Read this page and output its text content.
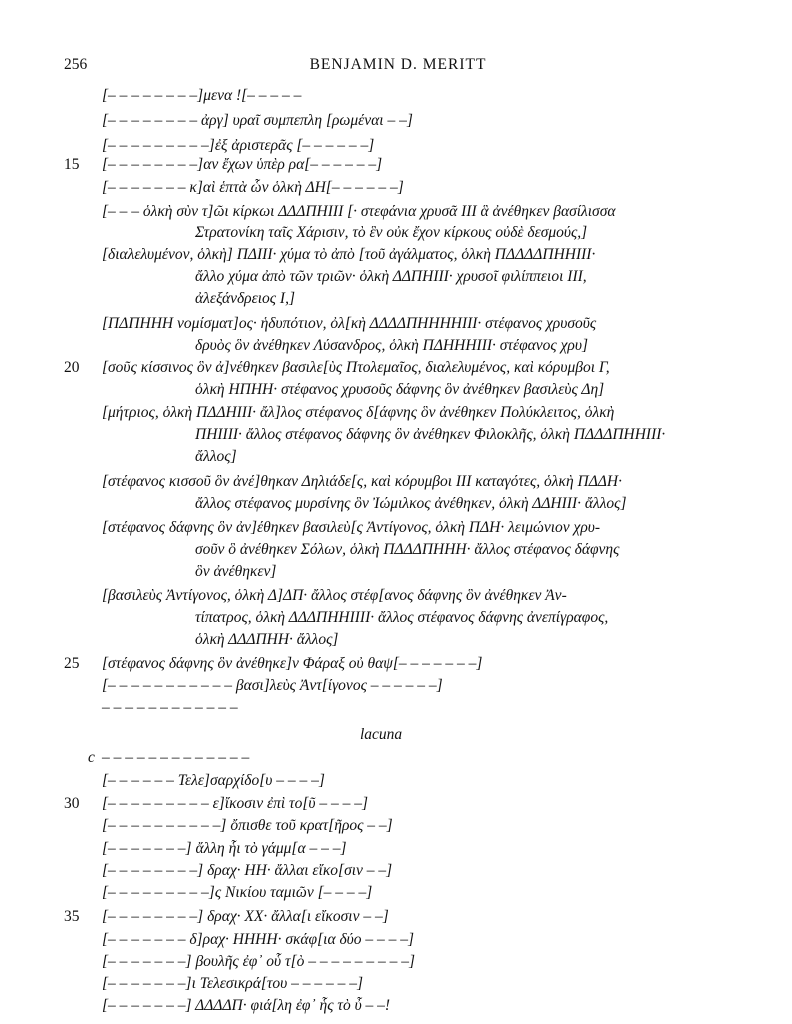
256	BENJAMIN D. MERITT
[– – – – – – – –]μενα ![– – – – –
[– – – – – – – – ἀργ] υραῖ συμπεπλη [ρωμέναι – –]
[– – – – – – – – –]ἐξ ἀριστερᾶς [– – – – – –]
[– – – – – – – –]αν ἔχων ὑπὲρ ρα[– – – – – –]
15
[– – – – – – – κ]αὶ ἑπτὰ ὧν ὁλκὴ ΔΗ[– – – – – –]
[– – – ὁλκὴ σὺν τ]ῶι κίρκωι ΔΔΔΠΗΙΙΙ [· στεφάνια χρυσᾶ ΙΙΙ ἃ ἀνέθηκεν βασίλισσα
Στρατονίκη ταῖς Χάρισιν, τὸ ἓν οὐκ ἔχον κίρκους οὐδὲ δεσμούς,]
[διαλελυμένον, ὁλκὴ] ΠΔΙΙΙ· χύμα τὸ ἀπὸ [τοῦ ἀγάλματος, ὁλκὴ ΠΔΔΔΔΠΗΗΙΙΙ·
ἄλλο χύμα ἀπὸ τῶν τριῶν· ὁλκὴ ΔΔΠΗΙΙΙ· χρυσοῖ φιλίππειοι ΙΙΙ,
ἀλεξάνδρειος Ι,]
[ΠΔΠΗΗΗ νομίσματ]ος· ἡδυπότιον, ὀλ[κὴ ΔΔΔΔΠΗΗΗΗΙΙΙ· στέφανος χρυσοῦς
δρυὸς ὃν ἀνέθηκεν Λύσανδρος, ὁλκὴ ΠΔΗΗΗΙΙΙ· στέφανος χρυ]
[σοῦς κίσσινος ὃν ἀ]νέθηκεν βασιλε[ὺς Πτολεμαῖος, διαλελυμένος, καὶ κόρυμβοι Γ,
20
ὁλκὴ ΗΠΗΗ· στέφανος χρυσοῦς δάφνης ὃν ἀνέθηκεν βασιλεὺς Δη]
[μήτριος, ὁλκὴ ΠΔΔΗΙΙΙ· ἄλ]λος στέφανος δ[άφνης ὃν ἀνέθηκεν Πολύκλειτος, ὁλκὴ
ΠΗΙΙΙΙ· ἄλλος στέφανος δάφνης ὃν ἀνέθηκεν Φιλοκλῆς, ὁλκὴ ΠΔΔΔΠΗΗΙΙΙ·
ἄλλος]
[στέφανος κισσοῦ ὃν ἀνέ]θηκαν Δηλιάδε[ς, καὶ κόρυμβοι ΙΙΙ καταγότες, ὁλκὴ ΠΔΔΗ·
ἄλλος στέφανος μυρσίνης ὃν Ἰώμιλκος ἀνέθηκεν, ὁλκὴ ΔΔΗΙΙΙ· ἄλλος]
[στέφανος δάφνης ὃν ἀν]έθηκεν βασιλεὺ[ς Ἀντίγονος, ὁλκὴ ΠΔΗ· λειμώνιον χρυ-
σοῦν ὃ ἀνέθηκεν Σόλων, ὁλκὴ ΠΔΔΔΠΗΗΗ· ἄλλος στέφανος δάφνης
ὃν ἀνέθηκεν]
[βασιλεὺς Ἀντίγονος, ὁλκὴ Δ]ΔΠ· ἄλλος στέφ[ανος δάφνης ὃν ἀνέθηκεν Ἀν-
τίπατρος, ὁλκὴ ΔΔΔΠΗΗΙΙΙΙ· ἄλλος στέφανος δάφνης ἀνεπίγραφος,
ὁλκὴ ΔΔΔΠΗΗ· ἄλλος]
[στέφανος δάφνης ὃν ἀνέθηκε]ν Φάραξ οὐ θαψ[– – – – – – –]
25
[– – – – – – – – – – – βασι]λεὺς Ἀντ[ίγονος – – – – – –]
– – – – – – – – – – – –
lacuna
– – – – – – – – – – – – –
c
[– – – – – – Τελε]σαρχίδο[υ – – – –]
[– – – – – – – – – ε]ἴκοσιν ἐπὶ το[ῦ – – – –]
30
[– – – – – – – – – –] ὄπισθε τοῦ κρατ[ῆρος – –]
[– – – – – – –] ἄλλη ἧι τὸ γάμμ[α – – –]
[– – – – – – – –] δραχ· ΗΗ· ἄλλαι εἴκο[σιν – –]
[– – – – – – – – –]ς Νικίου ταμιῶν [– – – –]
[– – – – – – – –] δραχ· ΧΧ· ἄλλα[ι εἴκοσιν – –]
35
[– – – – – – – δ]ραχ· ΗΗΗΗ· σκάφ[ια δύο – – – –]
[– – – – – – –] βουλῆς ἐφ᾽ οὗ τ[ὸ – – – – – – – – –]
[– – – – – – –]ι Τελεσικρά[του – – – – – –]
[– – – – – – –] ΔΔΔΔΠ· φιά[λη ἐφ᾽ ἧς τὸ ὖ – –!
